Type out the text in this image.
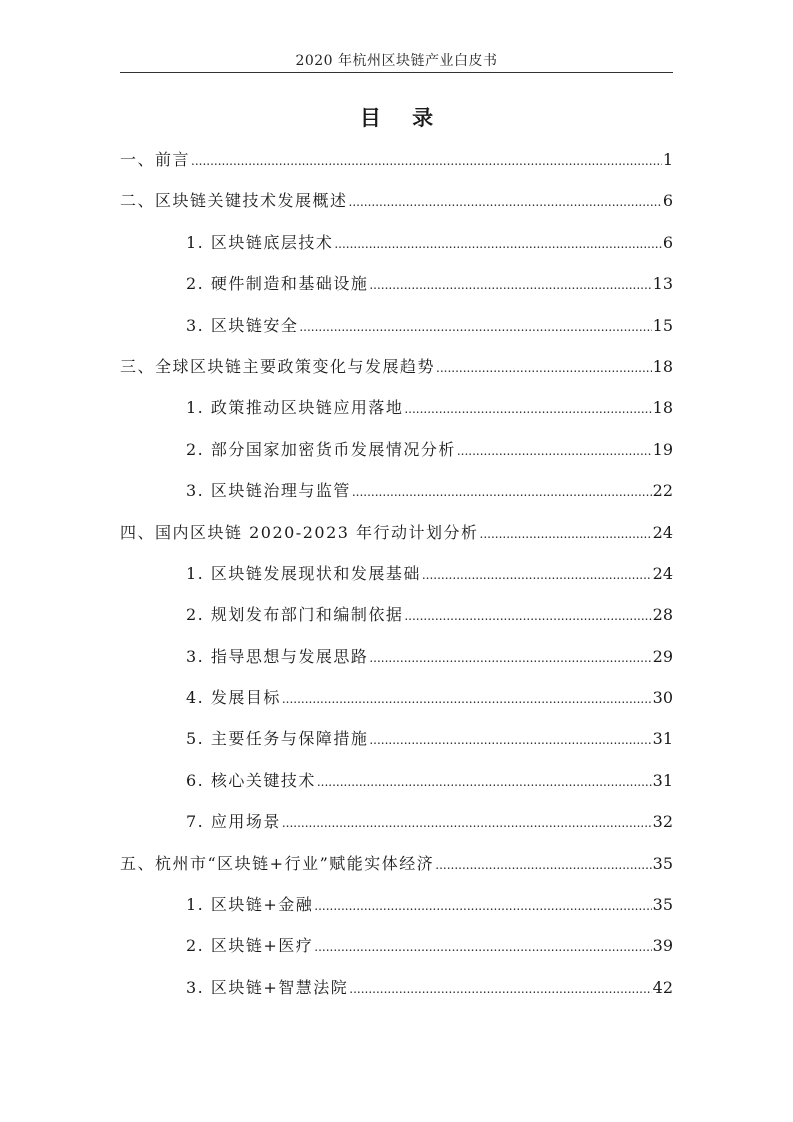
2020 年杭州区块链产业白皮书
目 录
一、前言 .....	1
二、区块链关键技术发展概述 .....	6
1. 区块链底层技术 .....	6
2. 硬件制造和基础设施 .....	13
3. 区块链安全 .....	15
三、全球区块链主要政策变化与发展趋势 .....	18
1. 政策推动区块链应用落地 .....	18
2. 部分国家加密货币发展情况分析 .....	19
3. 区块链治理与监管 .....	22
四、国内区块链 2020-2023 年行动计划分析 .....	24
1. 区块链发展现状和发展基础 .....	24
2. 规划发布部门和编制依据 .....	28
3. 指导思想与发展思路 .....	29
4. 发展目标 .....	30
5. 主要任务与保障措施 .....	31
6. 核心关键技术 .....	31
7. 应用场景 .....	32
五、杭州市“区块链+行业”赋能实体经济 .....	35
1. 区块链+金融 .....	35
2. 区块链+医疗 .....	39
3. 区块链+智慧法院 .....	42
